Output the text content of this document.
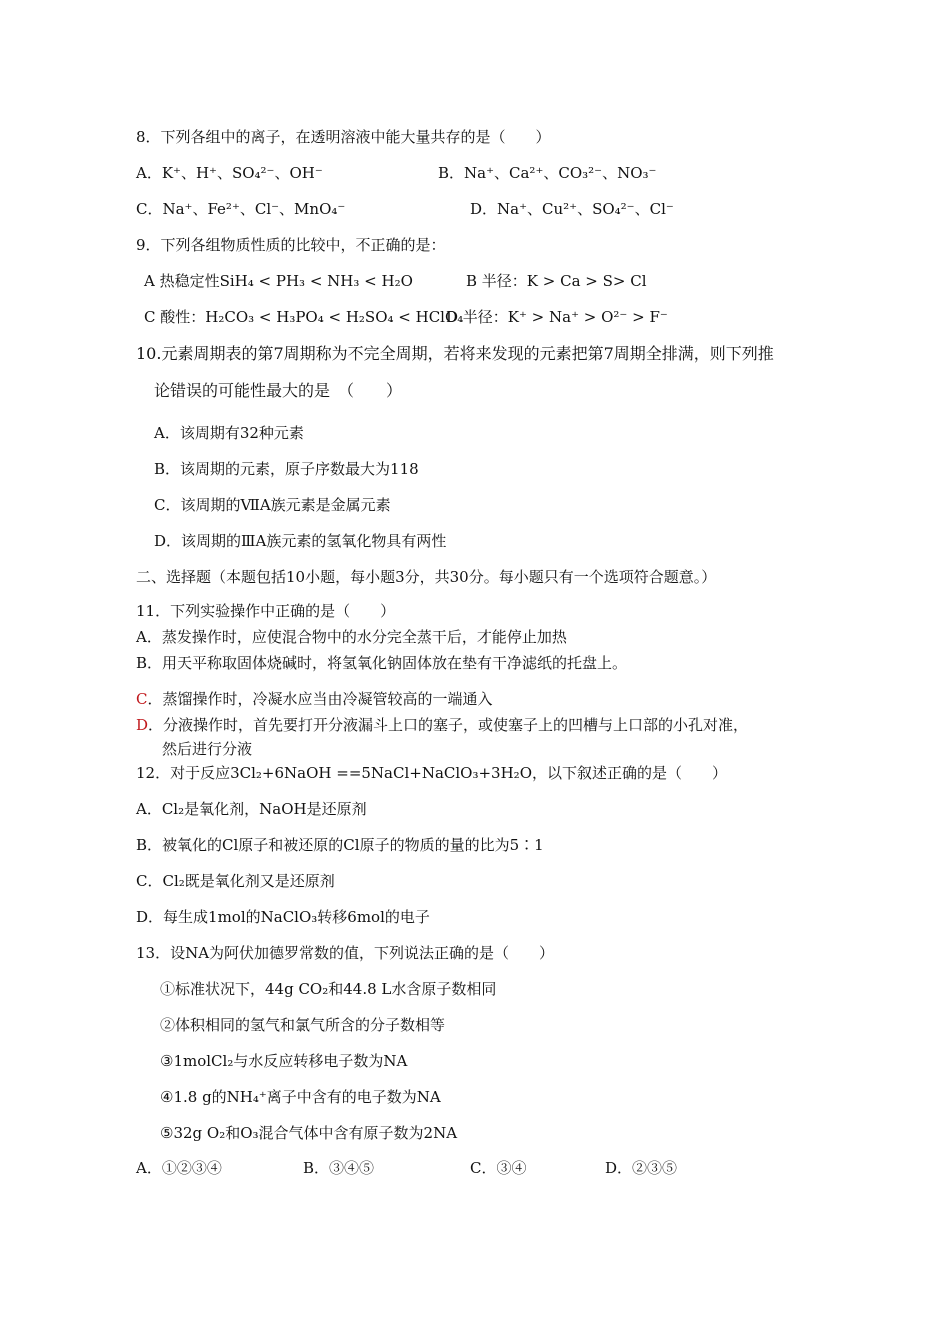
8．下列各组中的离子，在透明溶液中能大量共存的是（　　）
A．K⁺、H⁺、SO₄²⁻、OH⁻	B．Na⁺、Ca²⁺、CO₃²⁻、NO₃⁻
C．Na⁺、Fe²⁺、Cl⁻、MnO₄⁻	D．Na⁺、Cu²⁺、SO₄²⁻、Cl⁻
9．下列各组物质性质的比较中，不正确的是：
A 热稳定性SiH₄ < PH₃ < NH₃ < H₂O	B 半径：K > Ca > S> Cl
C 酸性：H₂CO₃ < H₃PO₄ < H₂SO₄ < HClO₄
D 半径：K⁺ > Na⁺ > O²⁻ > F⁻
10.元素周期表的第7周期称为不完全周期，若将来发现的元素把第7周期全排满，则下列推
论错误的可能性最大的是　（　　）
A．该周期有32种元素
B．该周期的元素，原子序数最大为118
C．该周期的ⅦA族元素是金属元素
D．该周期的ⅢA族元素的氢氧化物具有两性
二、选择题（本题包括10小题，每小题3分，共30分。每小题只有一个选项符合题意。）
11．下列实验操作中正确的是（　　）
A．蒸发操作时，应使混合物中的水分完全蒸干后，才能停止加热
B．用天平称取固体烧碱时，将氢氧化钠固体放在垫有干净滤纸的托盘上。
C．蒸馏操作时，冷凝水应当由冷凝管较高的一端通入
D．分液操作时，首先要打开分液漏斗上口的塞子，或使塞子上的凹槽与上口部的小孔对准，
然后进行分液
12．对于反应3Cl₂+6NaOH ==5NaCl+NaClO₃+3H₂O，以下叙述正确的是（　　）
A．Cl₂是氧化剂，NaOH是还原剂
B．被氧化的Cl原子和被还原的Cl原子的物质的量的比为5∶1
C．Cl₂既是氧化剂又是还原剂
D．每生成1mol的NaClO₃转移6mol的电子
13．设NA为阿伏加德罗常数的值，下列说法正确的是（　　）
①标准状况下，44g CO₂和44.8 L水含原子数相同
②体积相同的氢气和氯气所含的分子数相等
③1molCl₂与水反应转移电子数为NA
④1.8 g的NH₄⁺离子中含有的电子数为NA
⑤32g O₂和O₃混合气体中含有原子数为2NA
A．①②③④	B．③④⑤	C．③④	D．②③⑤
